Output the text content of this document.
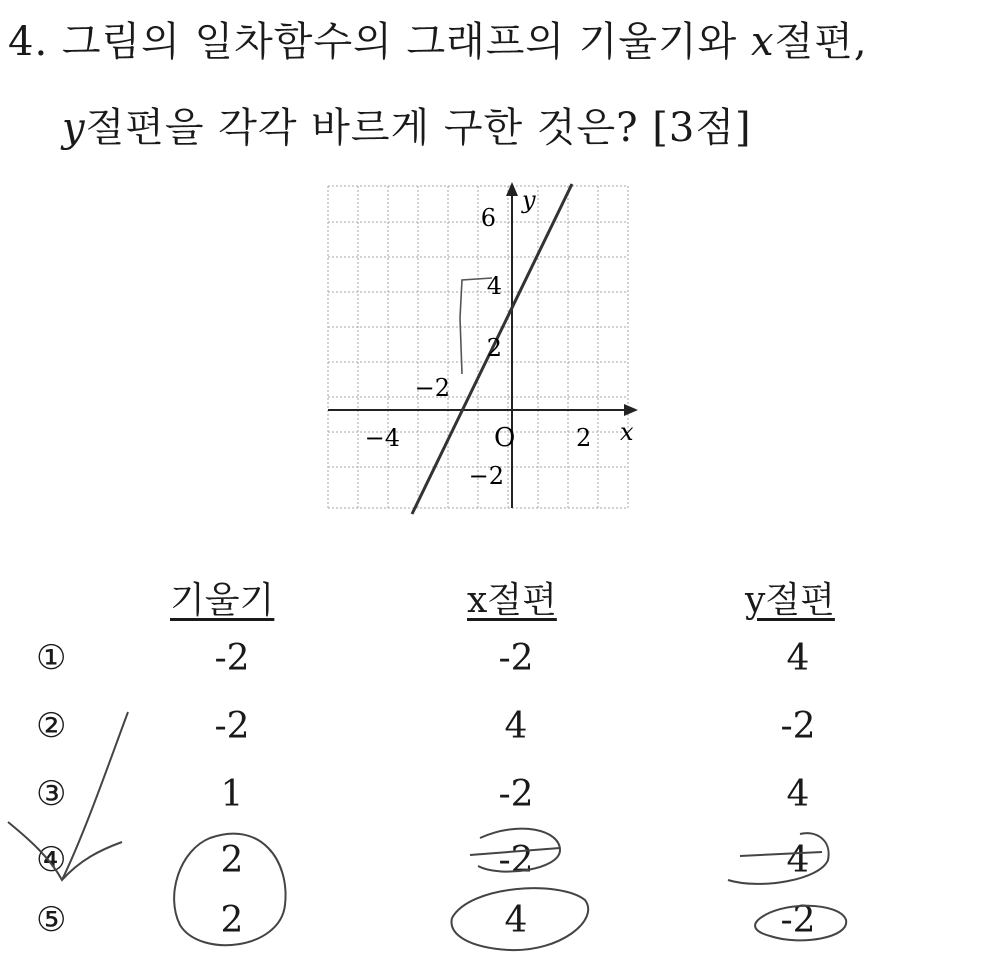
4. 그림의 일차함수의 그래프의 기울기와 x절편,
y절편을 각각 바르게 구한 것은? [3점]
6
y
4
2
−2
−4	O	2 x
−2
기울기	x절편	y절편
①	-2	-2	4
②	-2	4	-2
③	1	-2	4
④	2	-2	4
⑤	2	4	-2
